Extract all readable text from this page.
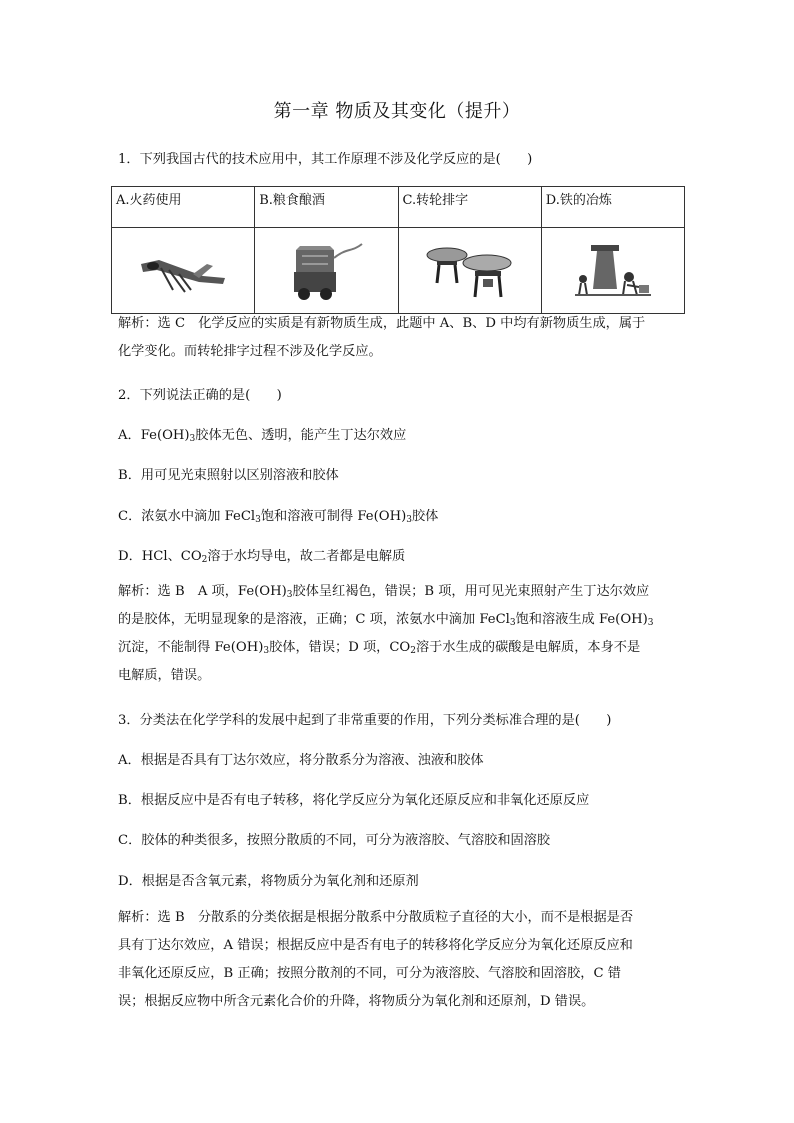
第一章 物质及其变化（提升）
1．下列我国古代的技术应用中，其工作原理不涉及化学反应的是(　　)
A.火药使用	B.粮食酿酒	C.转轮排字	D.铁的冶炼

解析：选 C　化学反应的实质是有新物质生成，此题中 A、B、D 中均有新物质生成，属于
化学变化。而转轮排字过程不涉及化学反应。
2．下列说法正确的是(　　)
A．$Fe(OH)_3$胶体无色、透明，能产生丁达尔效应
B．用可见光束照射以区别溶液和胶体
C．浓氨水中滴加 FeCl$_3$饱和溶液可制得 $Fe(OH)_3$胶体
D．HCl、$CO_2$溶于水均导电，故二者都是电解质
解析：选 B　A 项，$Fe(OH)_3$胶体呈红褐色，错误；B 项，用可见光束照射产生丁达尔效应
的是胶体，无明显现象的是溶液，正确；C 项，浓氨水中滴加 FeCl$_3$饱和溶液生成 $Fe(OH)_3$
沉淀，不能制得 $Fe(OH)_3$胶体，错误；D 项，$CO_2$溶于水生成的碳酸是电解质，本身不是
电解质，错误。
3．分类法在化学学科的发展中起到了非常重要的作用，下列分类标准合理的是(　　)
A．根据是否具有丁达尔效应，将分散系分为溶液、浊液和胶体
B．根据反应中是否有电子转移，将化学反应分为氧化还原反应和非氧化还原反应
C．胶体的种类很多，按照分散质的不同，可分为液溶胶、气溶胶和固溶胶
D．根据是否含氧元素，将物质分为氧化剂和还原剂
解析：选 B　分散系的分类依据是根据分散系中分散质粒子直径的大小，而不是根据是否
具有丁达尔效应，A 错误；根据反应中是否有电子的转移将化学反应分为氧化还原反应和
非氧化还原反应，B 正确；按照分散剂的不同，可分为液溶胶、气溶胶和固溶胶，C 错
误；根据反应物中所含元素化合价的升降，将物质分为氧化剂和还原剂，D 错误。
